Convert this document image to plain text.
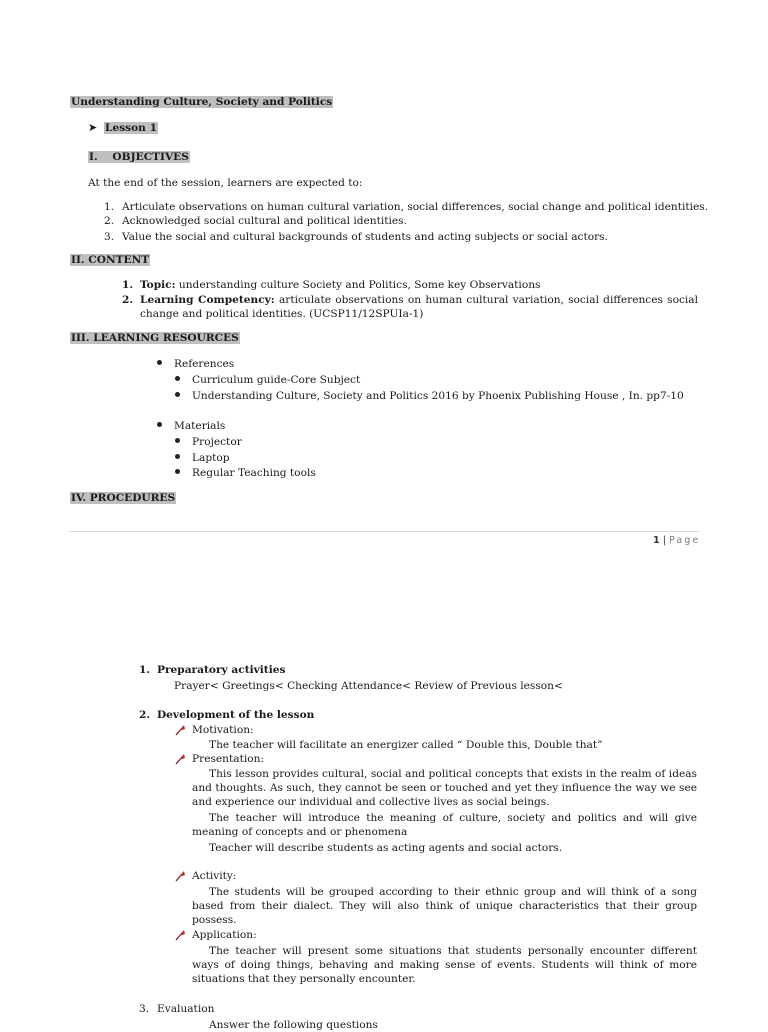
Understanding Culture, Society and Politics
➤ Lesson 1
I. OBJECTIVES
At the end of the session, learners are expected to:
1. Articulate observations on human cultural variation, social differences, social change and political identities.
2. Acknowledged social cultural and political identities.
3. Value the social and cultural backgrounds of students and acting subjects or social actors.
II. CONTENT
1. Topic: understanding culture Society and Politics, Some key Observations
2. Learning Competency: articulate observations on human cultural variation, social differences social change and political identities. (UCSP11/12SPUIa-1)
III. LEARNING RESOURCES
References
Curriculum guide-Core Subject
Understanding Culture, Society and Politics 2016 by Phoenix Publishing House , In. pp7-10
Materials
Projector
Laptop
Regular Teaching tools
IV. PROCEDURES
1 | Page
1. Preparatory activities
Prayer< Greetings< Checking Attendance< Review of Previous lesson<
2. Development of the lesson
Motivation:
The teacher will facilitate an energizer called “ Double this, Double that”
Presentation:
This lesson provides cultural, social and political concepts that exists in the realm of ideas and thoughts. As such, they cannot be seen or touched and yet they influence the way we see and experience our individual and collective lives as social beings.
The teacher will introduce the meaning of culture, society and politics and will give meaning of concepts and or phenomena
Teacher will describe students as acting agents and social actors.
Activity:
The students will be grouped according to their ethnic group and will think of a song based from their dialect. They will also think of unique characteristics that their group possess.
Application:
The teacher will present some situations that students personally encounter different ways of doing things, behaving and making sense of events. Students will think of more situations that they personally encounter.
3. Evaluation
Answer the following questions
